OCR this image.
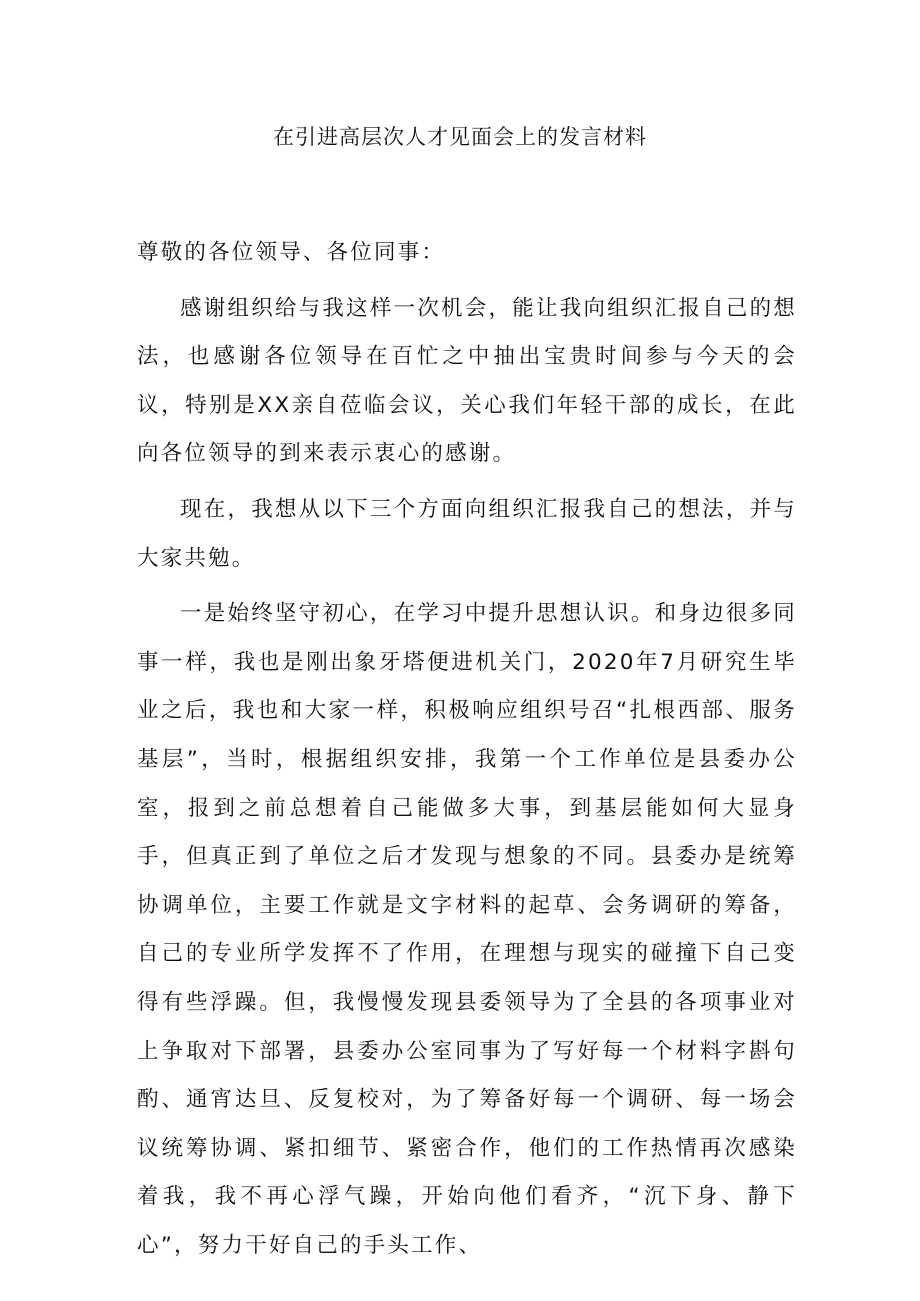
在引进高层次人才见面会上的发言材料

尊敬的各位领导、各位同事：

感谢组织给与我这样一次机会，能让我向组织汇报自己的想法，也感谢各位领导在百忙之中抽出宝贵时间参与今天的会议，特别是XX亲自莅临会议，关心我们年轻干部的成长，在此向各位领导的到来表示衷心的感谢。

现在，我想从以下三个方面向组织汇报我自己的想法，并与大家共勉。

一是始终坚守初心，在学习中提升思想认识。和身边很多同事一样，我也是刚出象牙塔便进机关门，2020年7月研究生毕业之后，我也和大家一样，积极响应组织号召“扎根西部、服务基层”，当时，根据组织安排，我第一个工作单位是县委办公室，报到之前总想着自己能做多大事，到基层能如何大显身手，但真正到了单位之后才发现与想象的不同。县委办是统筹协调单位，主要工作就是文字材料的起草、会务调研的筹备，自己的专业所学发挥不了作用，在理想与现实的碰撞下自己变得有些浮躁。但，我慢慢发现县委领导为了全县的各项事业对上争取对下部署，县委办公室同事为了写好每一个材料字斟句酌、通宵达旦、反复校对，为了筹备好每一个调研、每一场会议统筹协调、紧扣细节、紧密合作，他们的工作热情再次感染着我，我不再心浮气躁，开始向他们看齐，“沉下身、静下心”，努力干好自己的手头工作、
